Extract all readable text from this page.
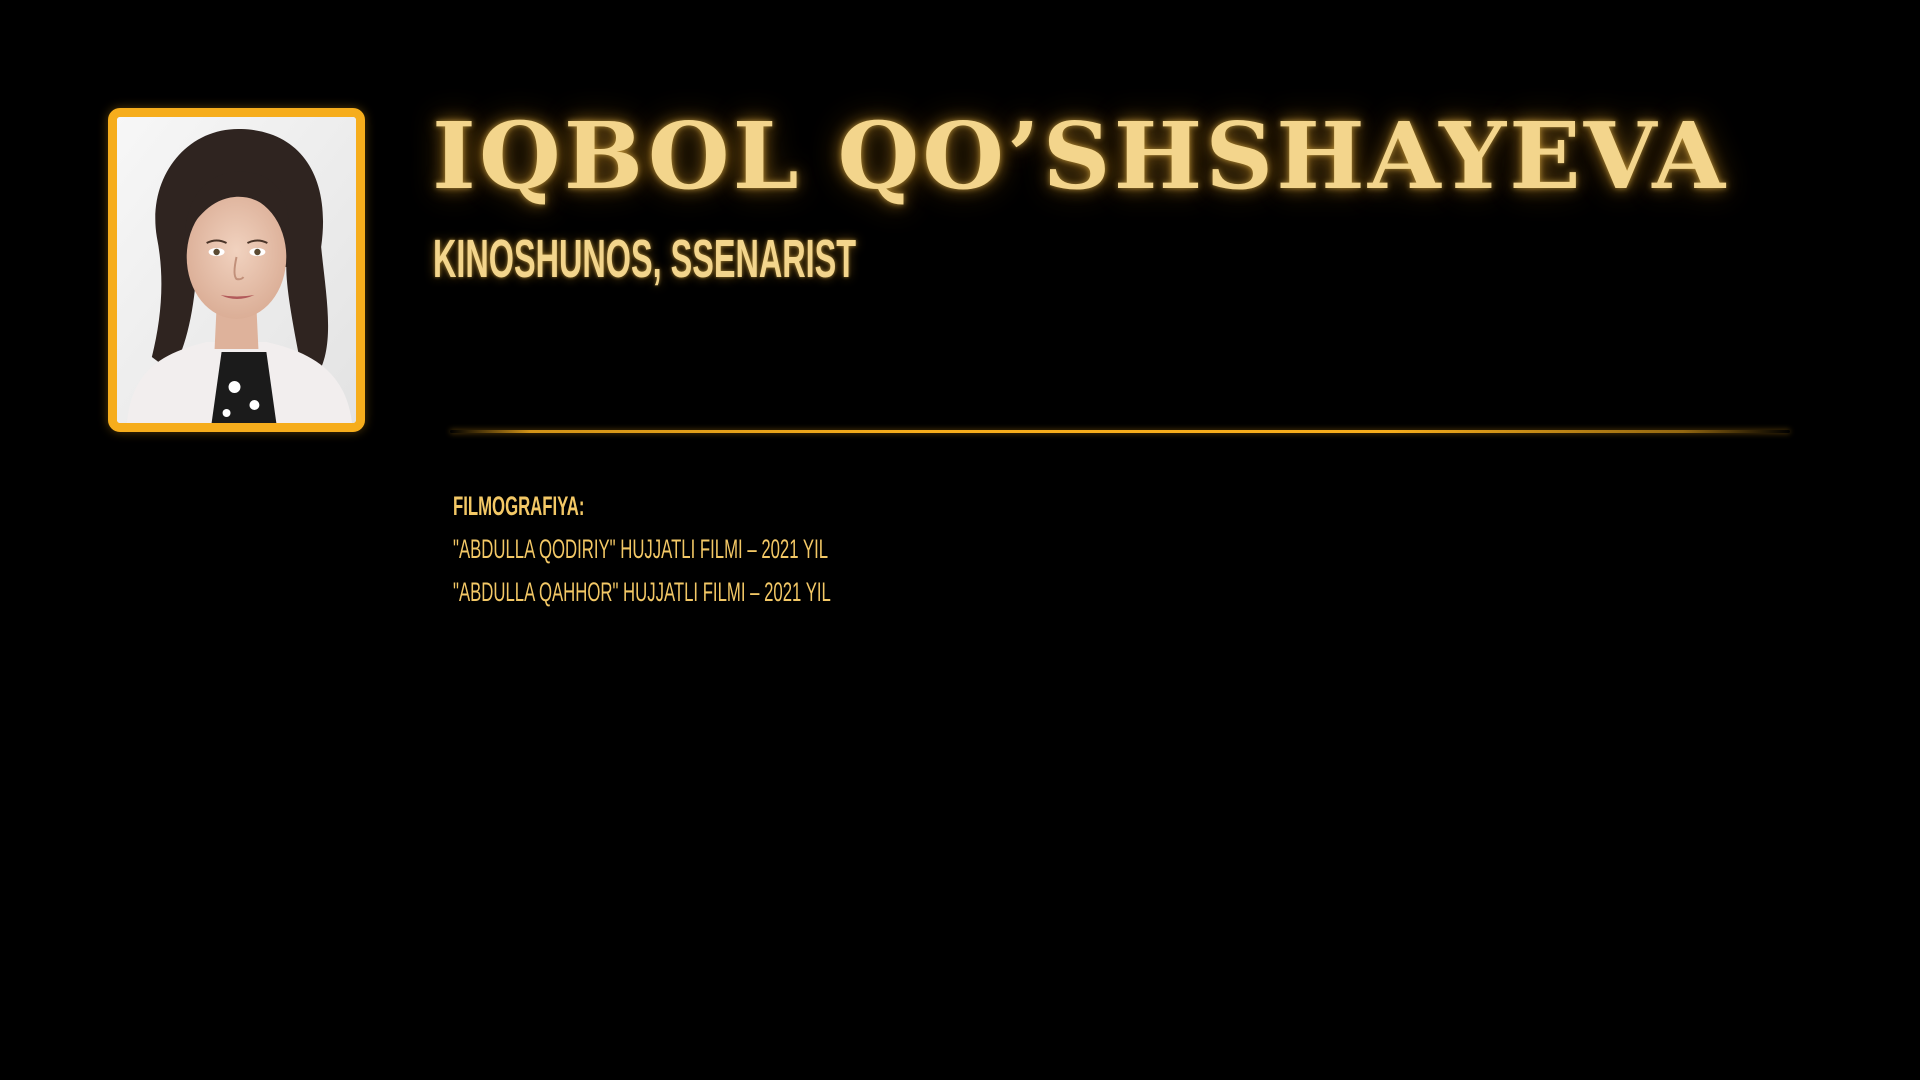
IQBOL QO’SHSHAYEVA
KINOSHUNOS, SSENARIST
FILMOGRAFIYA:
"ABDULLA QODIRIY" HUJJATLI FILMI – 2021 YIL
"ABDULLA QAHHOR" HUJJATLI FILMI – 2021 YIL
